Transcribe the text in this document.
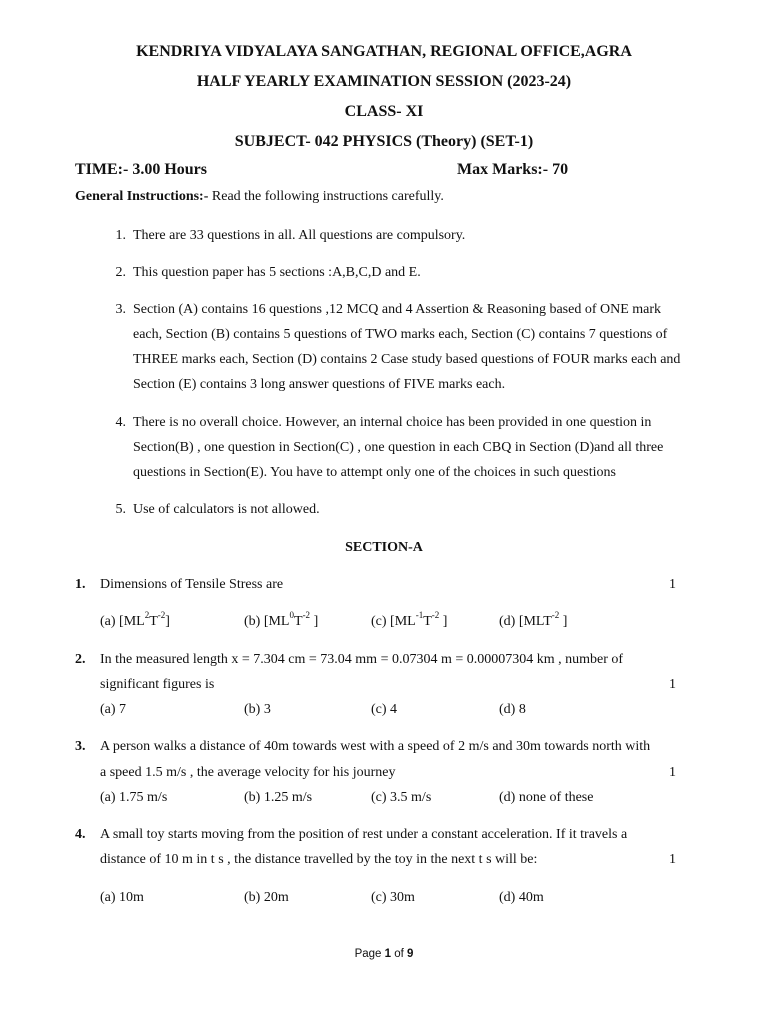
KENDRIYA VIDYALAYA SANGATHAN, REGIONAL OFFICE,AGRA
HALF YEARLY EXAMINATION SESSION (2023-24)
CLASS- XI
SUBJECT- 042 PHYSICS (Theory) (SET-1)
TIME:- 3.00 Hours	Max Marks:- 70
General Instructions:- Read the following instructions carefully.
1. There are 33 questions in all. All questions are compulsory.
2. This question paper has 5 sections :A,B,C,D and E.
3. Section (A) contains 16 questions ,12 MCQ and 4 Assertion & Reasoning based of ONE mark
each, Section (B) contains 5 questions of TWO marks each, Section (C) contains 7 questions of
THREE marks each, Section (D) contains 2 Case study based questions of FOUR marks each and
Section (E) contains 3 long answer questions of FIVE marks each.
4. There is no overall choice. However, an internal choice has been provided in one question in
Section(B) , one question in Section(C) , one question in each CBQ in Section (D)and all three
questions in Section(E). You have to attempt only one of the choices in such questions
5. Use of calculators is not allowed.
SECTION-A
1. Dimensions of Tensile Stress are	1
(a) $[ML^2T^{-2}]$	(b) [$ML^0T^{-2}$ ]	(c) [$ML^{-1}T^{-2}$ ]	(d) [$MLT^{-2}$ ]
2. In the measured length x = 7.304 cm = 73.04 mm = 0.07304 m = 0.00007304 km , number of
significant figures is	1
(a) 7	(b) 3	(c) 4	(d) 8
3. A person walks a distance of 40m towards west with a speed of 2 m/s and 30m towards north with
a speed 1.5 m/s , the average velocity for his journey	1
(a) 1.75 m/s	(b) 1.25 m/s	(c) 3.5 m/s	(d) none of these
4. A small toy starts moving from the position of rest under a constant acceleration. If it travels a
distance of 10 m in t s , the distance travelled by the toy in the next t s will be:	1
(a) 10m	(b) 20m	(c) 30m	(d) 40m
Page 1 of 9
